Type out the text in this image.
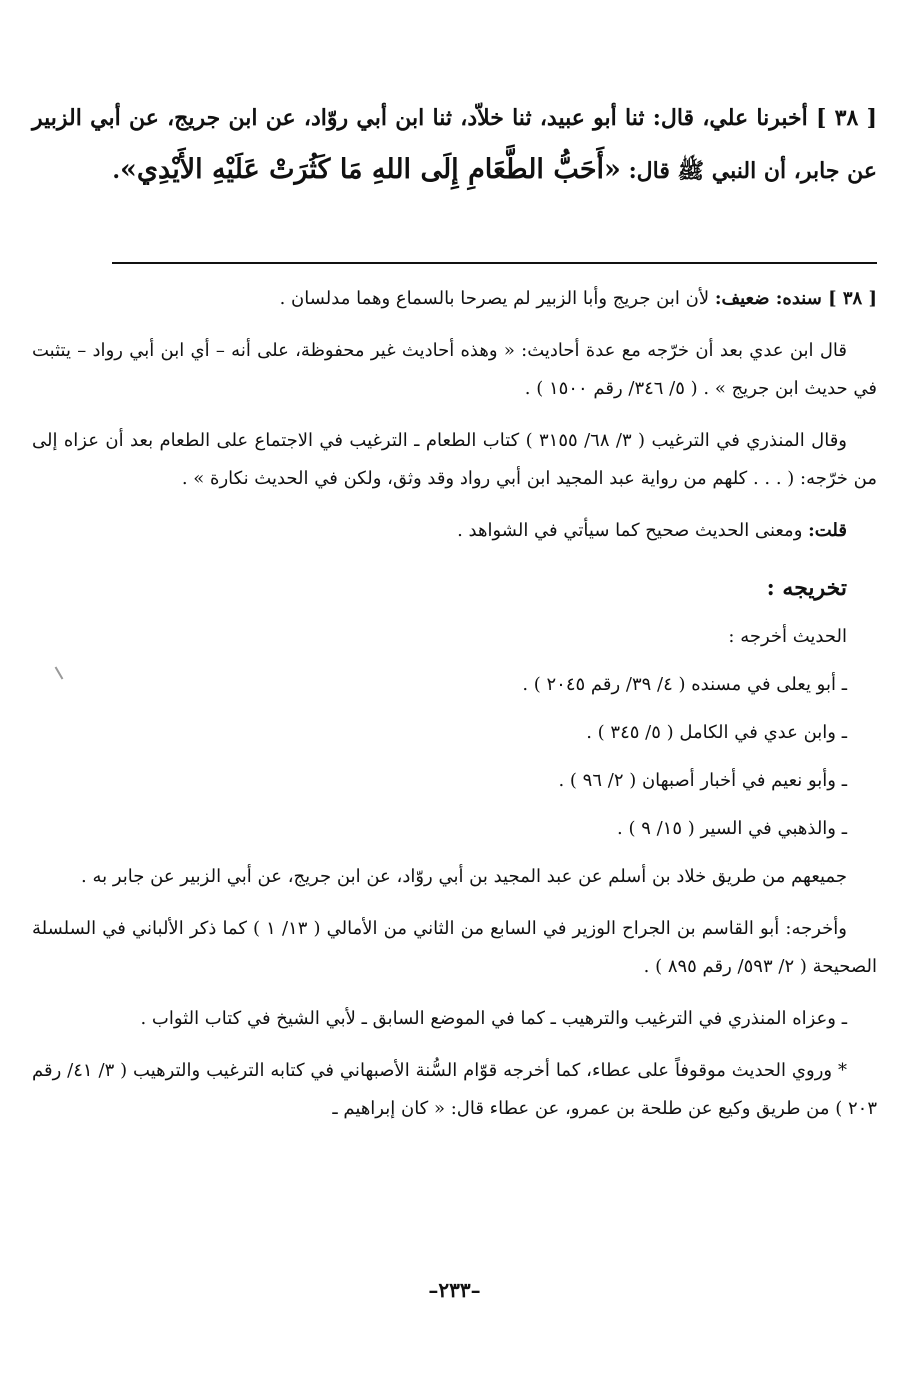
[ ٣٨ ] أخبرنا علي، قال: ثنا أبو عبيد، ثنا خلاّد، ثنا ابن أبي روّاد، عن ابن جريج، عن أبي الزبير عن جابر، أن النبي ﷺ قال: «أَحَبُّ الطَّعَامِ إِلَى اللهِ مَا كَثُرَتْ عَلَيْهِ الأَيْدِي».

[ ٣٨ ] سنده: ضعيف: لأن ابن جريج وأبا الزبير لم يصرحا بالسماع وهما مدلسان .

قال ابن عدي بعد أن خرّجه مع عدة أحاديث: « وهذه أحاديث غير محفوظة، على أنه – أي ابن أبي رواد – يتثبت في حديث ابن جريج » . ( ٥/ ٣٤٦/ رقم ١٥٠٠ ) .

وقال المنذري في الترغيب ( ٣/ ٦٨/ ٣١٥٥ ) كتاب الطعام ـ الترغيب في الاجتماع على الطعام بعد أن عزاه إلى من خرّجه: ( . . . كلهم من رواية عبد المجيد ابن أبي رواد وقد وثق، ولكن في الحديث نكارة » .

قلت: ومعنى الحديث صحيح كما سيأتي في الشواهد .

تخريجه :

الحديث أخرجه :

ـ أبو يعلى في مسنده ( ٤/ ٣٩/ رقم ٢٠٤٥ ) .

ـ وابن عدي في الكامل ( ٥/ ٣٤٥ ) .

ـ وأبو نعيم في أخبار أصبهان ( ٢/ ٩٦ ) .

ـ والذهبي في السير ( ١٥/ ٩ ) .

جميعهم من طريق خلاد بن أسلم عن عبد المجيد بن أبي روّاد، عن ابن جريج، عن أبي الزبير عن جابر به .

وأخرجه: أبو القاسم بن الجراح الوزير في السابع من الثاني من الأمالي ( ١٣/ ١ ) كما ذكر الألباني في السلسلة الصحيحة ( ٢/ ٥٩٣/ رقم ٨٩٥ ) .

ـ وعزاه المنذري في الترغيب والترهيب ـ كما في الموضع السابق ـ لأبي الشيخ في كتاب الثواب .

* وروي الحديث موقوفاً على عطاء، كما أخرجه قوّام السُّنة الأصبهاني في كتابه الترغيب والترهيب ( ٣/ ٤١/ رقم ٢٠٣ ) من طريق وكيع عن طلحة بن عمرو، عن عطاء قال: « كان إبراهيم ـ

–٢٣٣–
